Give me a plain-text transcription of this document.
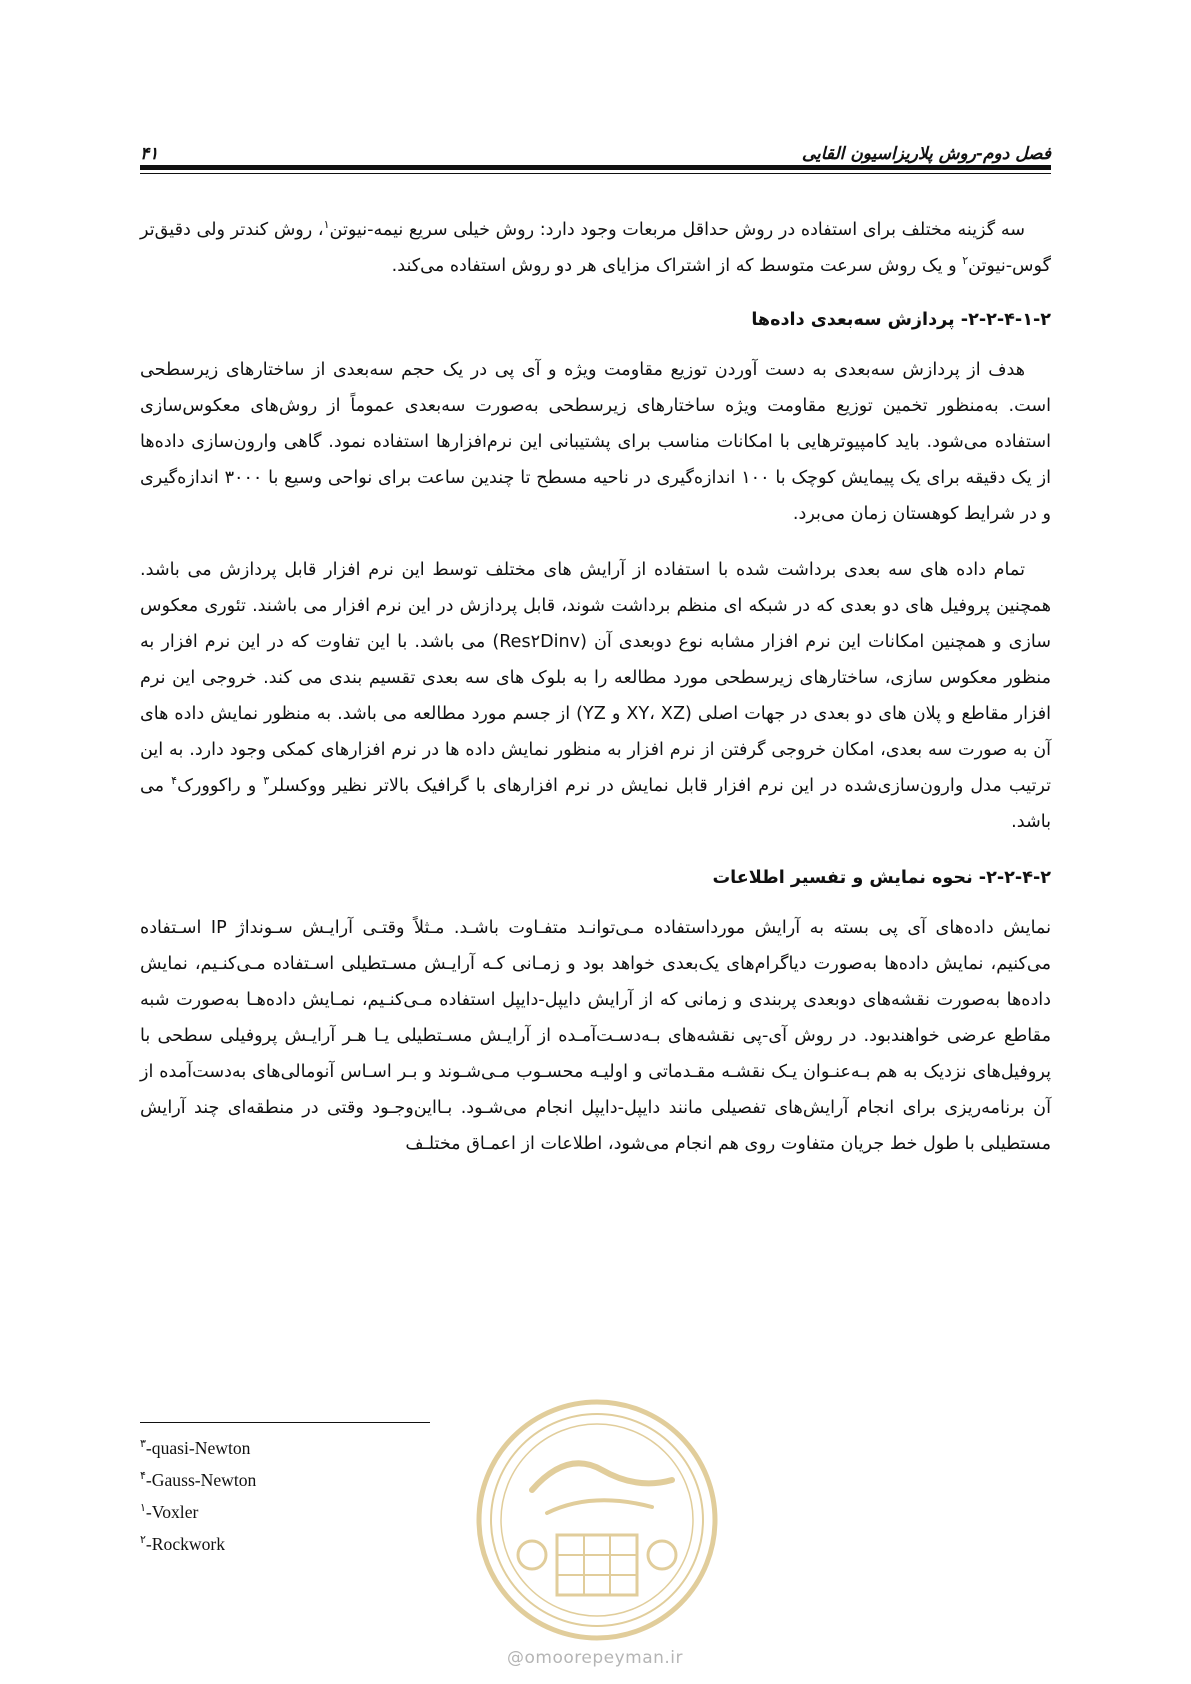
فصل دوم-روش پلاریزاسیون القایی
۴۱

سه گزینه مختلف برای استفاده در روش حداقل مربعات وجود دارد: روش خیلی سریع نیمه-نیوتن$^۱$، روش کندتر ولی دقیق‌تر گوس-نیوتن$^۲$ و یک روش سرعت متوسط که از اشتراک مزایای هر دو روش استفاده می‌کند.

۲-۲-۴-۱-۲- پردازش سه‌بعدی داده‌ها

هدف از پردازش سه‌بعدی به دست آوردن توزیع مقاومت ویژه و آی پی در یک حجم سه‌بعدی از ساختارهای زیرسطحی است. به‌منظور تخمین توزیع مقاومت ویژه ساختارهای زیرسطحی به‌صورت سه‌بعدی عموماً از روش‌های معکوس‌سازی استفاده می‌شود. باید کامپیوترهایی با امکانات مناسب برای پشتیبانی این نرم‌افزارها استفاده نمود. گاهی وارون‌سازی داده‌ها از یک دقیقه برای یک پیمایش کوچک با ۱۰۰ اندازه‌گیری در ناحیه مسطح تا چندین ساعت برای نواحی وسیع با ۳۰۰۰ اندازه‌گیری و در شرایط کوهستان زمان می‌برد.

تمام داده های سه بعدی برداشت شده با استفاده از آرایش های مختلف توسط این نرم افزار قابل پردازش می باشد. همچنین پروفیل های دو بعدی که در شبکه ای منظم برداشت شوند، قابل پردازش در این نرم افزار می باشند. تئوری معکوس سازی و همچنین امکانات این نرم افزار مشابه نوع دوبعدی آن (Res۲Dinv) می باشد. با این تفاوت که در این نرم افزار به منظور معکوس سازی، ساختارهای زیرسطحی مورد مطالعه را به بلوک های سه بعدی تقسیم بندی می کند. خروجی این نرم افزار مقاطع و پلان های دو بعدی در جهات اصلی (XY، XZ و YZ) از جسم مورد مطالعه می باشد. به منظور نمایش داده های آن به صورت سه بعدی، امکان خروجی گرفتن از نرم افزار به منظور نمایش داده ها در نرم افزارهای کمکی وجود دارد. به این ترتیب مدل وارون‌سازی‌شده در این نرم افزار قابل نمایش در نرم افزارهای با گرافیک بالاتر نظیر ووکسلر$^۳$ و راکوورک$^۴$ می باشد.

۲-۲-۴-۲- نحوه نمایش و تفسیر اطلاعات

نمایش داده‌های آی پی بسته به آرایش مورداستفاده مـی‌توانـد متفـاوت باشـد. مـثلاً وقتـی آرایـش سـونداژ IP اسـتفاده می‌کنیم، نمایش داده‌ها به‌صورت دیاگرام‌های یک‌بعدی خواهد بود و زمـانی کـه آرایـش مسـتطیلی اسـتفاده مـی‌کنـیم، نمایش داده‌ها به‌صورت نقشه‌های دوبعدی پربندی و زمانی که از آرایش دایپل-دایپل استفاده مـی‌کنـیم، نمـایش داده‌هـا به‌صورت شبه مقاطع عرضی خواهندبود. در روش آی-پی نقشه‌های بـه‌دسـت‌آمـده از آرایـش مسـتطیلی یـا هـر آرایـش پروفیلی سطحی با پروفیل‌های نزدیک به هم بـه‌عنـوان یـک نقشـه مقـدماتی و اولیـه محسـوب مـی‌شـوند و بـر اسـاس آنومالی‌های به‌دست‌آمده از آن برنامه‌ریزی برای انجام آرایش‌های تفصیلی مانند دایپل-دایپل انجام می‌شـود. بـااین‌وجـود وقتی در منطقه‌ای چند آرایش مستطیلی با طول خط جریان متفاوت روی هم انجام می‌شود، اطلاعات از اعمـاق مختلـف

$^۳$-quasi-Newton
$^۴$-Gauss-Newton
$^۱$-Voxler
$^۲$-Rockwork
@omoorepeyman.ir
